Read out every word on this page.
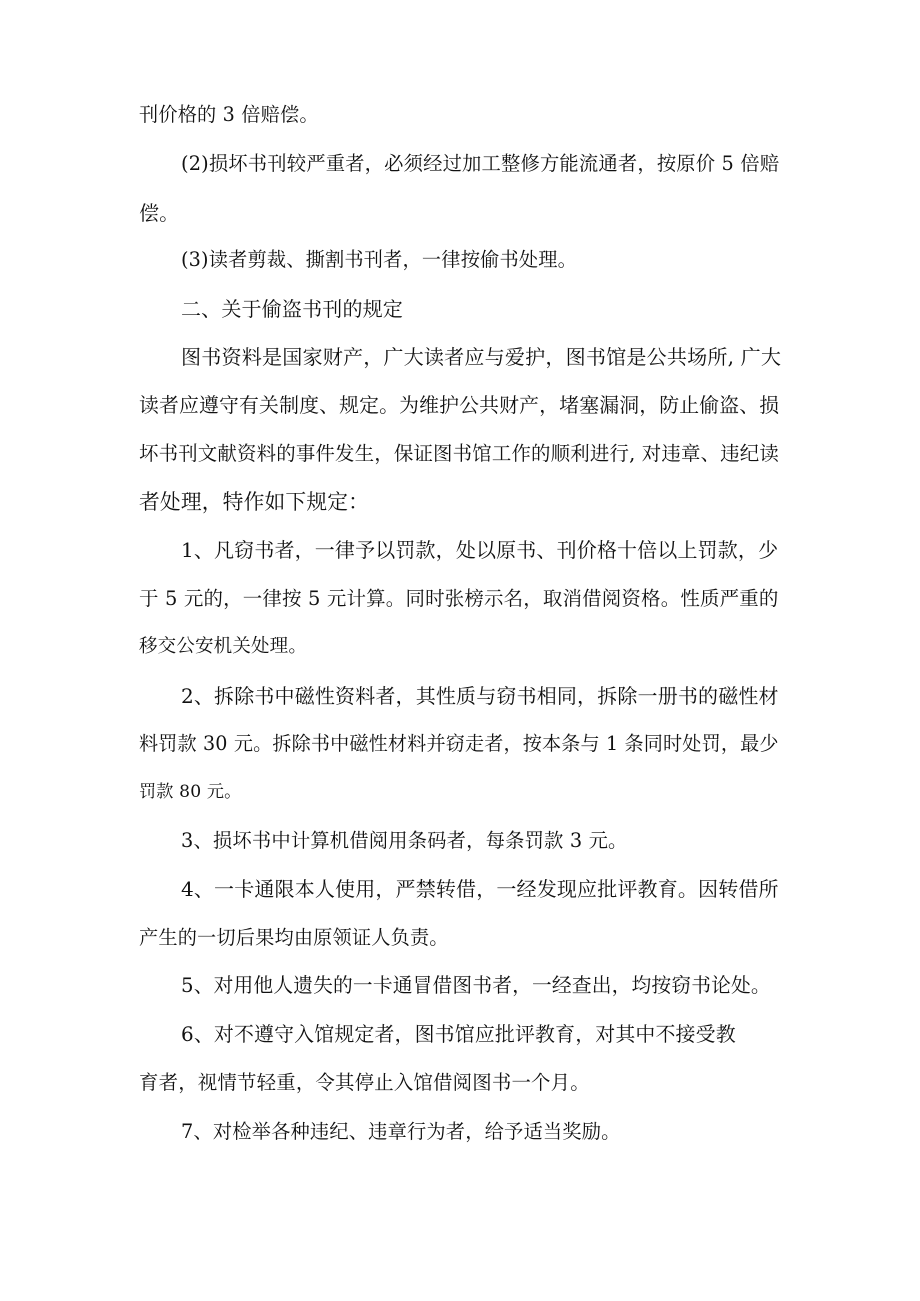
刊价格的 3 倍赔偿。
(2)损坏书刊较严重者，必须经过加工整修方能流通者，按原价 5 倍赔
偿。
(3)读者剪裁、撕割书刊者，一律按偷书处理。
二、关于偷盗书刊的规定
图书资料是国家财产，广大读者应与爱护，图书馆是公共场所, 广大
读者应遵守有关制度、规定。为维护公共财产，堵塞漏洞，防止偷盗、损
坏书刊文献资料的事件发生，保证图书馆工作的顺利进行, 对违章、违纪读
者处理，特作如下规定：
1、凡窃书者，一律予以罚款，处以原书、刊价格十倍以上罚款，少
于 5 元的，一律按 5 元计算。同时张榜示名，取消借阅资格。性质严重的
移交公安机关处理。
2、拆除书中磁性资料者，其性质与窃书相同，拆除一册书的磁性材
料罚款 30 元。拆除书中磁性材料并窃走者，按本条与 1 条同时处罚，最少
罚款 80 元。
3、损坏书中计算机借阅用条码者，每条罚款 3 元。
4、一卡通限本人使用，严禁转借，一经发现应批评教育。因转借所
产生的一切后果均由原领证人负责。
5、对用他人遗失的一卡通冒借图书者，一经查出，均按窃书论处。
6、对不遵守入馆规定者，图书馆应批评教育，对其中不接受教
育者，视情节轻重，令其停止入馆借阅图书一个月。
7、对检举各种违纪、违章行为者，给予适当奖励。
